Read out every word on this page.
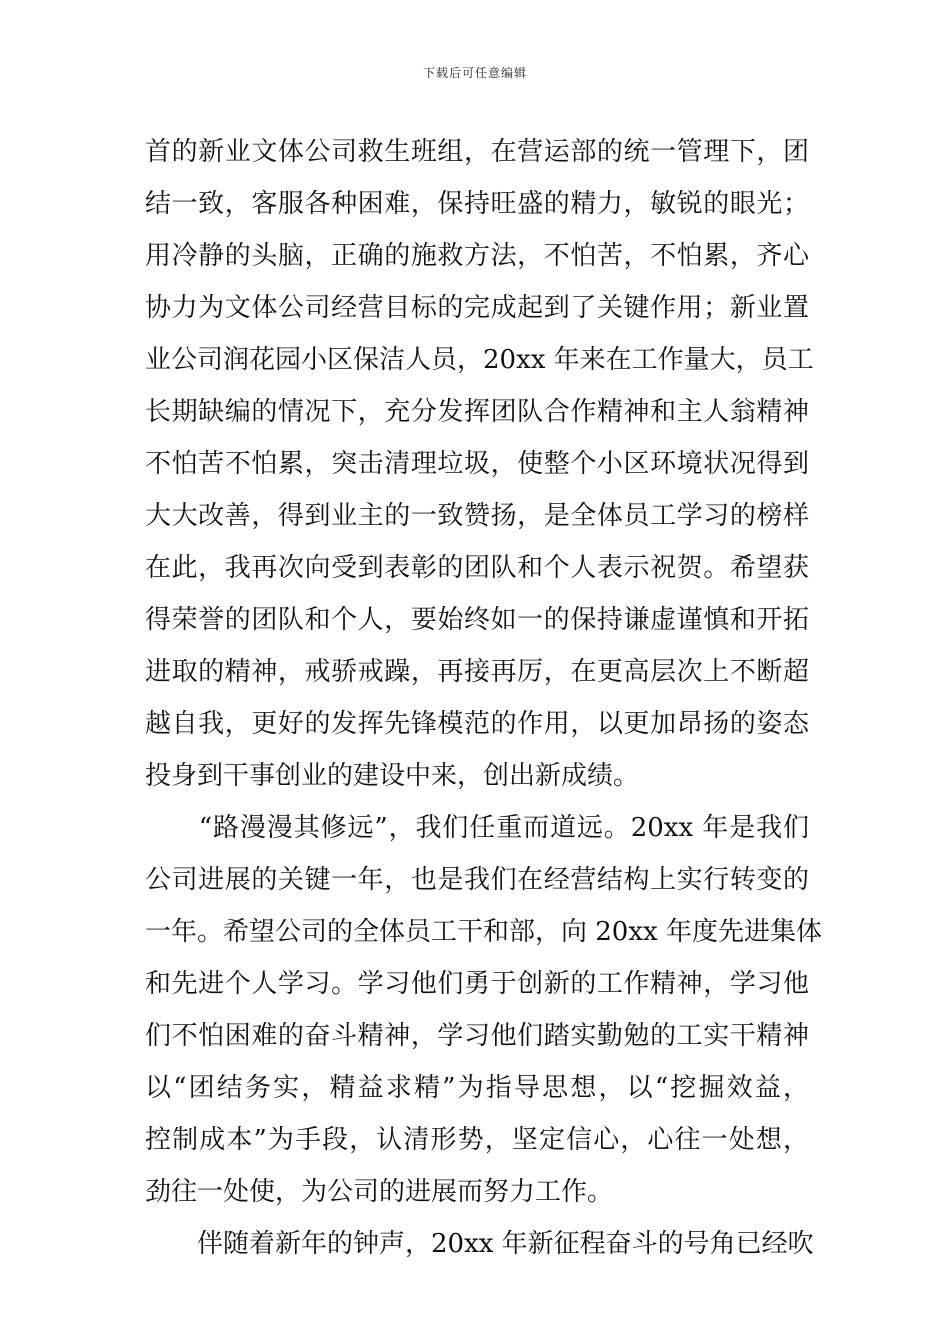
下载后可任意编辑
首的新业文体公司救生班组，在营运部的统一管理下，团
结一致，客服各种困难，保持旺盛的精力，敏锐的眼光；
用冷静的头脑，正确的施救方法，不怕苦，不怕累，齐心
协力为文体公司经营目标的完成起到了关键作用；新业置
业公司润花园小区保洁人员，20xx 年来在工作量大，员工
长期缺编的情况下，充分发挥团队合作精神和主人翁精神
不怕苦不怕累，突击清理垃圾，使整个小区环境状况得到
大大改善，得到业主的一致赞扬，是全体员工学习的榜样
在此，我再次向受到表彰的团队和个人表示祝贺。希望获
得荣誉的团队和个人，要始终如一的保持谦虚谨慎和开拓
进取的精神，戒骄戒躁，再接再厉，在更高层次上不断超
越自我，更好的发挥先锋模范的作用，以更加昂扬的姿态
投身到干事创业的建设中来，创出新成绩。
　　“路漫漫其修远”，我们任重而道远。20xx 年是我们
公司进展的关键一年，也是我们在经营结构上实行转变的
一年。希望公司的全体员工干和部，向 20xx 年度先进集体
和先进个人学习。学习他们勇于创新的工作精神，学习他
们不怕困难的奋斗精神，学习他们踏实勤勉的工实干精神
以“团结务实，精益求精”为指导思想，以“挖掘效益，
控制成本”为手段，认清形势，坚定信心，心往一处想，
劲往一处使，为公司的进展而努力工作。
　　伴随着新年的钟声，20xx 年新征程奋斗的号角已经吹
